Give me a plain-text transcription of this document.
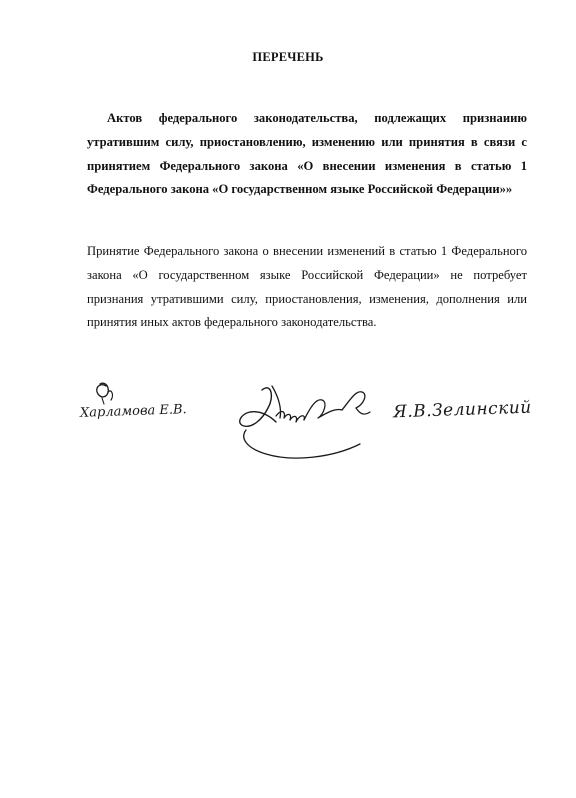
ПЕРЕЧЕНЬ
Актов федерального законодательства, подлежащих признаиию утратившим силу, приостановлению, изменению или принятия в связи с принятием Федерального закона «О внесении изменения в статью 1 Федерального закона «О государственном языке Российской Федерации»»
Принятие Федерального закона о внесении изменений в статью 1 Федерального закона «О государственном языке Российской Федерации» не потребует признания утратившими силу, приостановления, изменения, дополнения или принятия иных актов федерального законодательства.
Харламова Е.В.	Я.В.Зелинский
